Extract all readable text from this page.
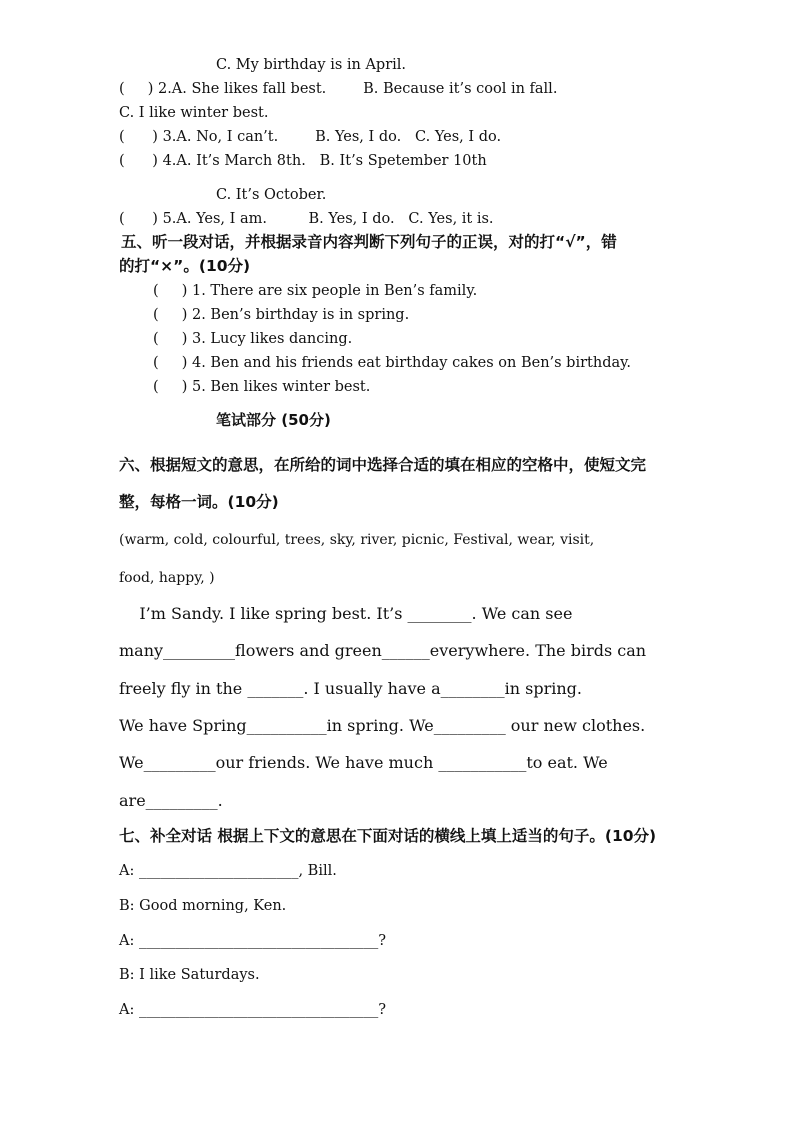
C. My birthday is in April.
(     ) 2.A. She likes fall best.        B. Because it’s cool in fall.
C. I like winter best.
(      ) 3.A. No, I can’t.        B. Yes, I do.   C. Yes, I do.
(      ) 4.A. It’s March 8th.   B. It’s Spetember 10th
C. It’s October.
(      ) 5.A. Yes, I am.         B. Yes, I do.   C. Yes, it is.
五、听一段对话，并根据录音内容判断下列句子的正误，对的打“√”，错
的打“×”。(10分)
(     ) 1. There are six people in Ben’s family.
(     ) 2. Ben’s birthday is in spring.
(     ) 3. Lucy likes dancing.
(     ) 4. Ben and his friends eat birthday cakes on Ben’s birthday.
(     ) 5. Ben likes winter best.
笔试部分 (50分)
六、根据短文的意思，在所给的词中选择合适的填在相应的空格中，使短文完
整，每格一词。(10分)
(warm, cold, colourful, trees, sky, river, picnic, Festival, wear, visit,
food, happy, )
I’m Sandy. I like spring best. It’s ________. We can see
many_________flowers and green______everywhere. The birds can
freely fly in the _______. I usually have a________in spring.
We have Spring__________in spring. We_________ our new clothes.
We_________our friends. We have much ___________to eat. We
are_________.
七、补全对话 根据上下文的意思在下面对话的横线上填上适当的句子。(10分)
A: ______________________, Bill.
B: Good morning, Ken.
A: _________________________________?
B: I like Saturdays.
A: _________________________________?
